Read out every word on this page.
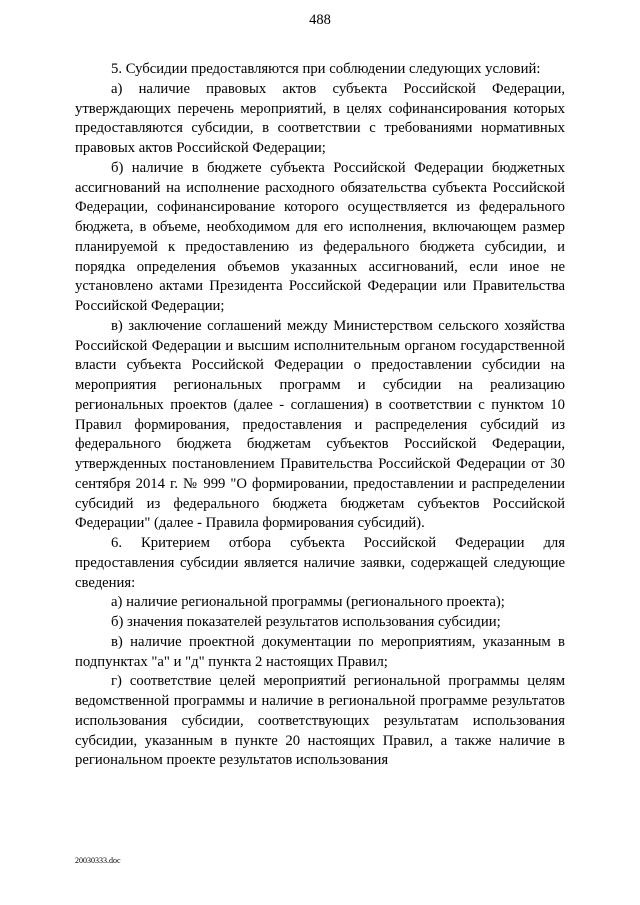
488

5. Субсидии предоставляются при соблюдении следующих условий:

а) наличие правовых актов субъекта Российской Федерации, утверждающих перечень мероприятий, в целях софинансирования которых предоставляются субсидии, в соответствии с требованиями нормативных правовых актов Российской Федерации;

б) наличие в бюджете субъекта Российской Федерации бюджетных ассигнований на исполнение расходного обязательства субъекта Российской Федерации, софинансирование которого осуществляется из федерального бюджета, в объеме, необходимом для его исполнения, включающем размер планируемой к предоставлению из федерального бюджета субсидии, и порядка определения объемов указанных ассигнований, если иное не установлено актами Президента Российской Федерации или Правительства Российской Федерации;

в) заключение соглашений между Министерством сельского хозяйства Российской Федерации и высшим исполнительным органом государственной власти субъекта Российской Федерации о предоставлении субсидии на мероприятия региональных программ и субсидии на реализацию региональных проектов (далее - соглашения) в соответствии с пунктом 10 Правил формирования, предоставления и распределения субсидий из федерального бюджета бюджетам субъектов Российской Федерации, утвержденных постановлением Правительства Российской Федерации от 30 сентября 2014 г. № 999 "О формировании, предоставлении и распределении субсидий из федерального бюджета бюджетам субъектов Российской Федерации" (далее - Правила формирования субсидий).

6. Критерием отбора субъекта Российской Федерации для предоставления субсидии является наличие заявки, содержащей следующие сведения:

а) наличие региональной программы (регионального проекта);

б) значения показателей результатов использования субсидии;

в) наличие проектной документации по мероприятиям, указанным в подпунктах "а" и "д" пункта 2 настоящих Правил;

г) соответствие целей мероприятий региональной программы целям ведомственной программы и наличие в региональной программе результатов использования субсидии, соответствующих результатам использования субсидии, указанным в пункте 20 настоящих Правил, а также наличие в региональном проекте результатов использования

20030333.doc
